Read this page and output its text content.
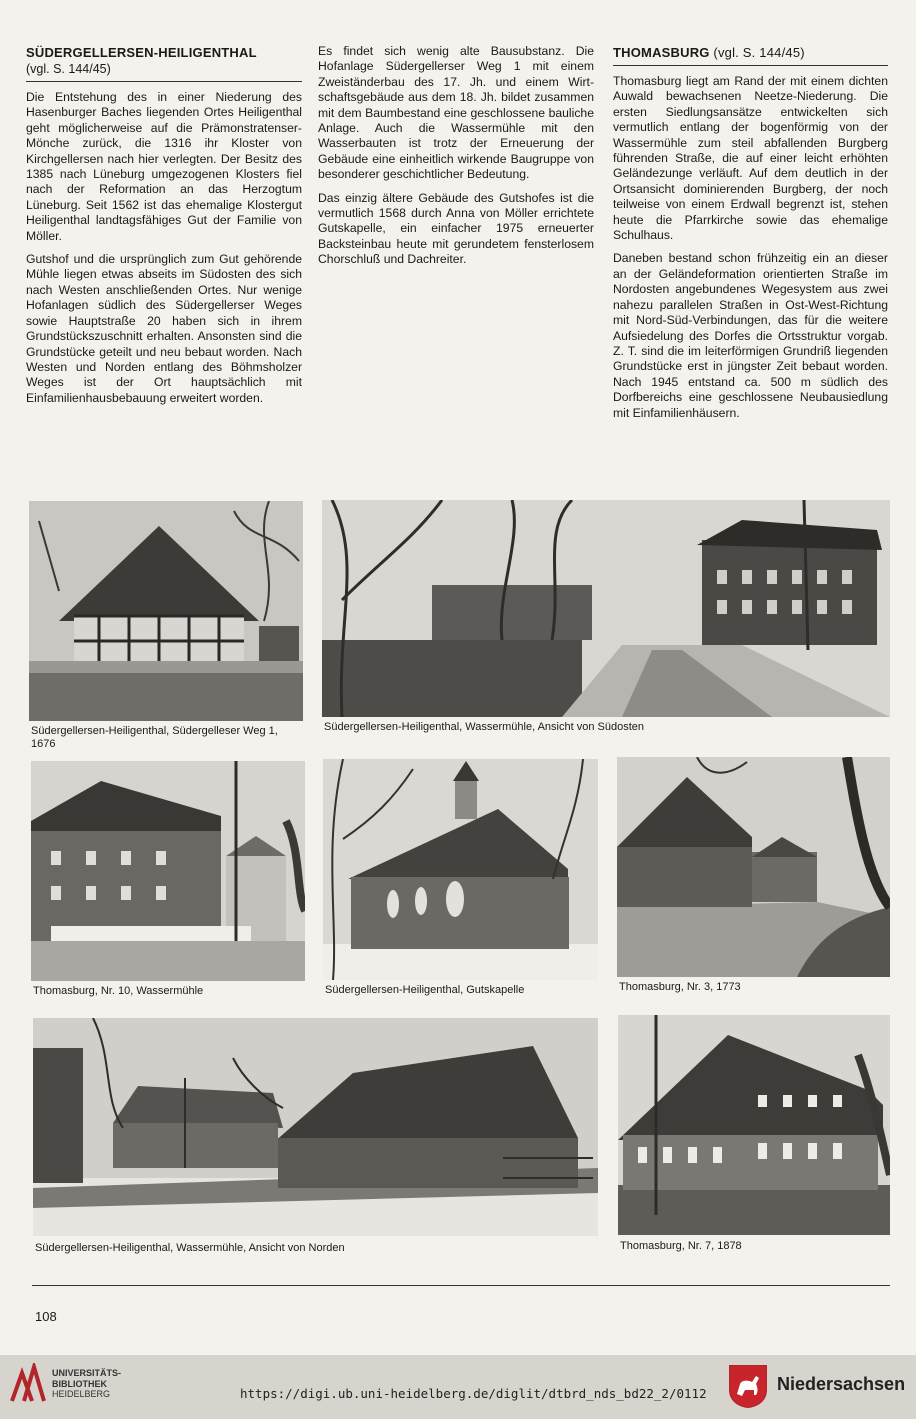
SÜDERGELLERSEN-HEILIGENTHAL
(vgl. S. 144/45)

Die Entstehung des in einer Niederung des Hasenburger Baches liegenden Ortes Heiligenthal geht möglicherweise auf die Prämonstratenser-Mönche zurück, die 1316 ihr Kloster von Kirchgellersen nach hier verlegten. Der Besitz des 1385 nach Lüneburg umgezogenen Klosters fiel nach der Reformation an das Herzogtum Lüneburg. Seit 1562 ist das ehemalige Klostergut Heiligenthal landtagsfähiges Gut der Familie von Möller.

Gutshof und die ursprünglich zum Gut gehörende Mühle liegen etwas abseits im Südosten des sich nach Westen anschließenden Ortes. Nur wenige Hofanlagen südlich des Südergellerser Weges sowie Hauptstraße 20 haben sich in ihrem Grundstückszuschnitt erhalten. Ansonsten sind die Grundstücke geteilt und neu bebaut worden. Nach Westen und Norden entlang des Böhmsholzer Weges ist der Ort hauptsächlich mit Einfamilienhausbebauung erweitert worden.

Es findet sich wenig alte Bausubstanz. Die Hofanlage Südergellerser Weg 1 mit einem Zweiständerbau des 17. Jh. und einem Wirtschaftsgebäude aus dem 18. Jh. bildet zusammen mit dem Baumbestand eine geschlossene bauliche Anlage. Auch die Wassermühle mit den Wasserbauten ist trotz der Erneuerung der Gebäude eine einheitlich wirkende Baugruppe von besonderer geschichtlicher Bedeutung.

Das einzig ältere Gebäude des Gutshofes ist die vermutlich 1568 durch Anna von Möller errichtete Gutskapelle, ein einfacher 1975 erneuerter Backsteinbau heute mit gerundetem fensterlosem Chorschluß und Dachreiter.

THOMASBURG (vgl. S. 144/45)

Thomasburg liegt am Rand der mit einem dichten Auwald bewachsenen Neetze-Niederung. Die ersten Siedlungsansätze entwickelten sich vermutlich entlang der bogenförmig von der Wassermühle zum steil abfallenden Burgberg führenden Straße, die auf einer leicht erhöhten Geländezunge verläuft. Auf dem deutlich in der Ortsansicht dominierenden Burgberg, der noch teilweise von einem Erdwall begrenzt ist, stehen heute die Pfarrkirche sowie das ehemalige Schulhaus.

Daneben bestand schon frühzeitig ein an dieser an der Geländeformation orientierten Straße im Nordosten angebundenes Wegesystem aus zwei nahezu parallelen Straßen in Ost-West-Richtung mit Nord-Süd-Verbindungen, das für die weitere Aufsiedelung des Dorfes die Ortsstruktur vorgab. Z. T. sind die im leiterförmigen Grundriß liegenden Grundstücke erst in jüngster Zeit bebaut worden. Nach 1945 entstand ca. 500 m südlich des Dorfbereichs eine geschlossene Neubausiedlung mit Einfamilienhäusern.

Südergellersen-Heiligenthal, Südergelleser Weg 1, 1676
Südergellersen-Heiligenthal, Wassermühle, Ansicht von Südosten
Thomasburg, Nr. 10, Wassermühle	Südergellersen-Heiligenthal, Gutskapelle	Thomasburg, Nr. 3, 1773
Südergellersen-Heiligenthal, Wassermühle, Ansicht von Norden	Thomasburg, Nr. 7, 1878
108
UNIVERSITÄTS-
BIBLIOTHEK
HEIDELBERG	https://digi.ub.uni-heidelberg.de/diglit/dtbrd_nds_bd22_2/0112	Niedersachsen
